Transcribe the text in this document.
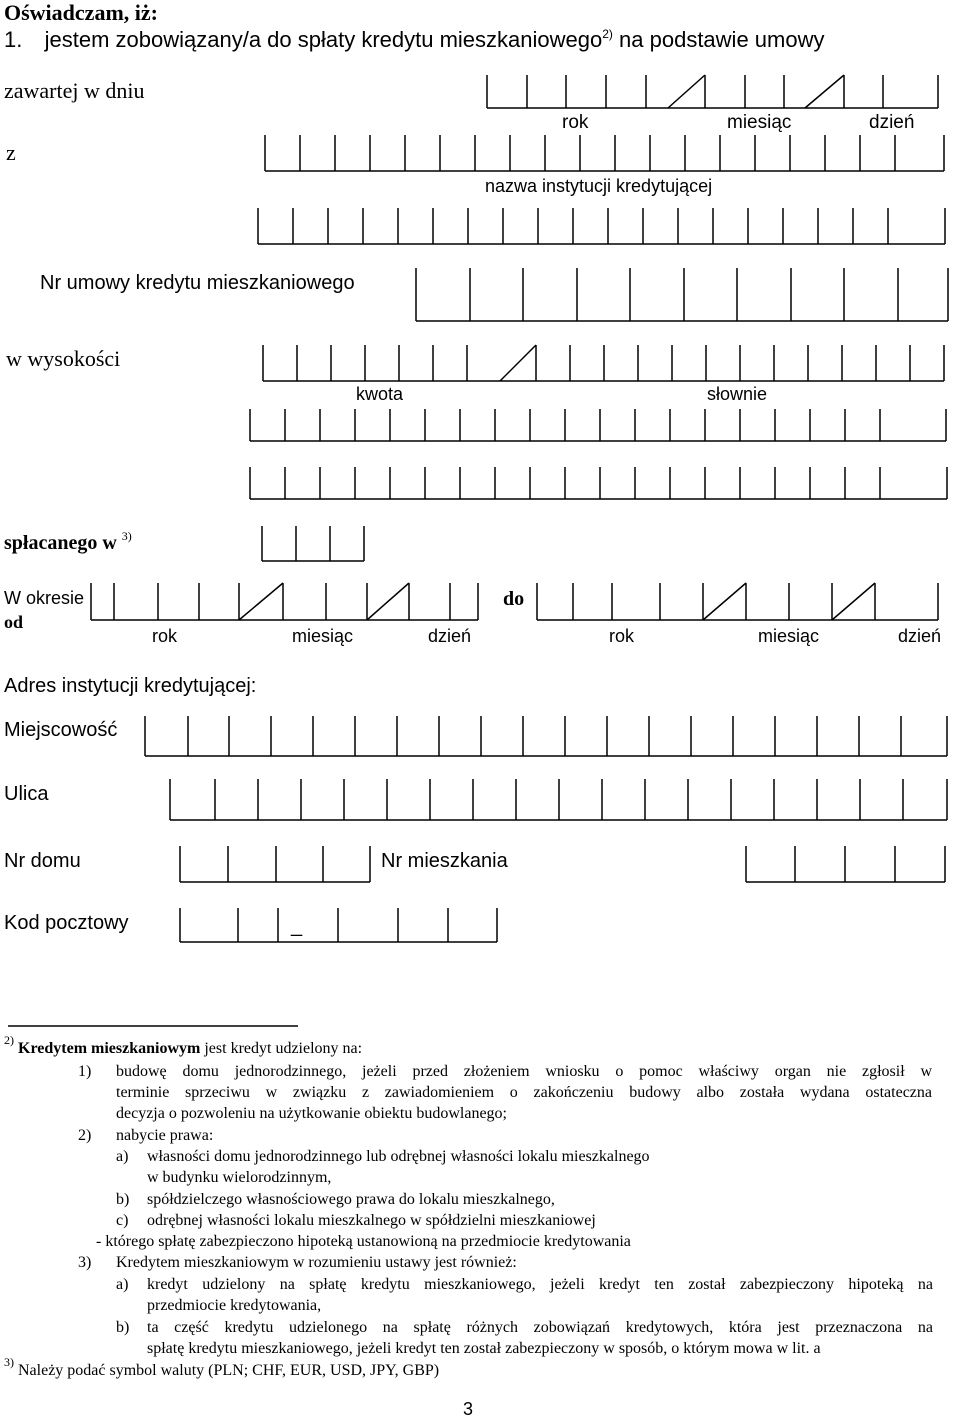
Oświadczam, iż:
1. jestem zobowiązany/a do spłaty kredytu mieszkaniowego$^{2)}$ na podstawie umowy
zawartej w dniu
rok	miesiąc	dzień
z
nazwa instytucji kredytującej
Nr umowy kredytu mieszkaniowego
w wysokości
kwota	słownie
spłacanego w $^{3)}$
W okresie
od
do
rok	miesiąc	dzień	rok	miesiąc	dzień
Adres instytucji kredytującej:
Miejscowość
Ulica
Nr domu	Nr mieszkania
Kod pocztowy	_
$^{2)}$ Kredytem mieszkaniowym jest kredyt udzielony na:
1) budowę domu jednorodzinnego, jeżeli przed złożeniem wniosku o pomoc właściwy organ nie zgłosił w
terminie sprzeciwu w związku z zawiadomieniem o zakończeniu budowy albo została wydana ostateczna
decyzja o pozwoleniu na użytkowanie obiektu budowlanego;
2) nabycie prawa:
a) własności domu jednorodzinnego lub odrębnej własności lokalu mieszkalnego
w budynku wielorodzinnym,
b) spółdzielczego własnościowego prawa do lokalu mieszkalnego,
c) odrębnej własności lokalu mieszkalnego w spółdzielni mieszkaniowej
- którego spłatę zabezpieczono hipoteką ustanowioną na przedmiocie kredytowania
3) Kredytem mieszkaniowym w rozumieniu ustawy jest również:
a) kredyt udzielony na spłatę kredytu mieszkaniowego, jeżeli kredyt ten został zabezpieczony hipoteką na
przedmiocie kredytowania,
b) ta część kredytu udzielonego na spłatę różnych zobowiązań kredytowych, która jest przeznaczona na
spłatę kredytu mieszkaniowego, jeżeli kredyt ten został zabezpieczony w sposób, o którym mowa w lit. a
$^{3)}$ Należy podać symbol waluty (PLN; CHF, EUR, USD, JPY, GBP)
3
